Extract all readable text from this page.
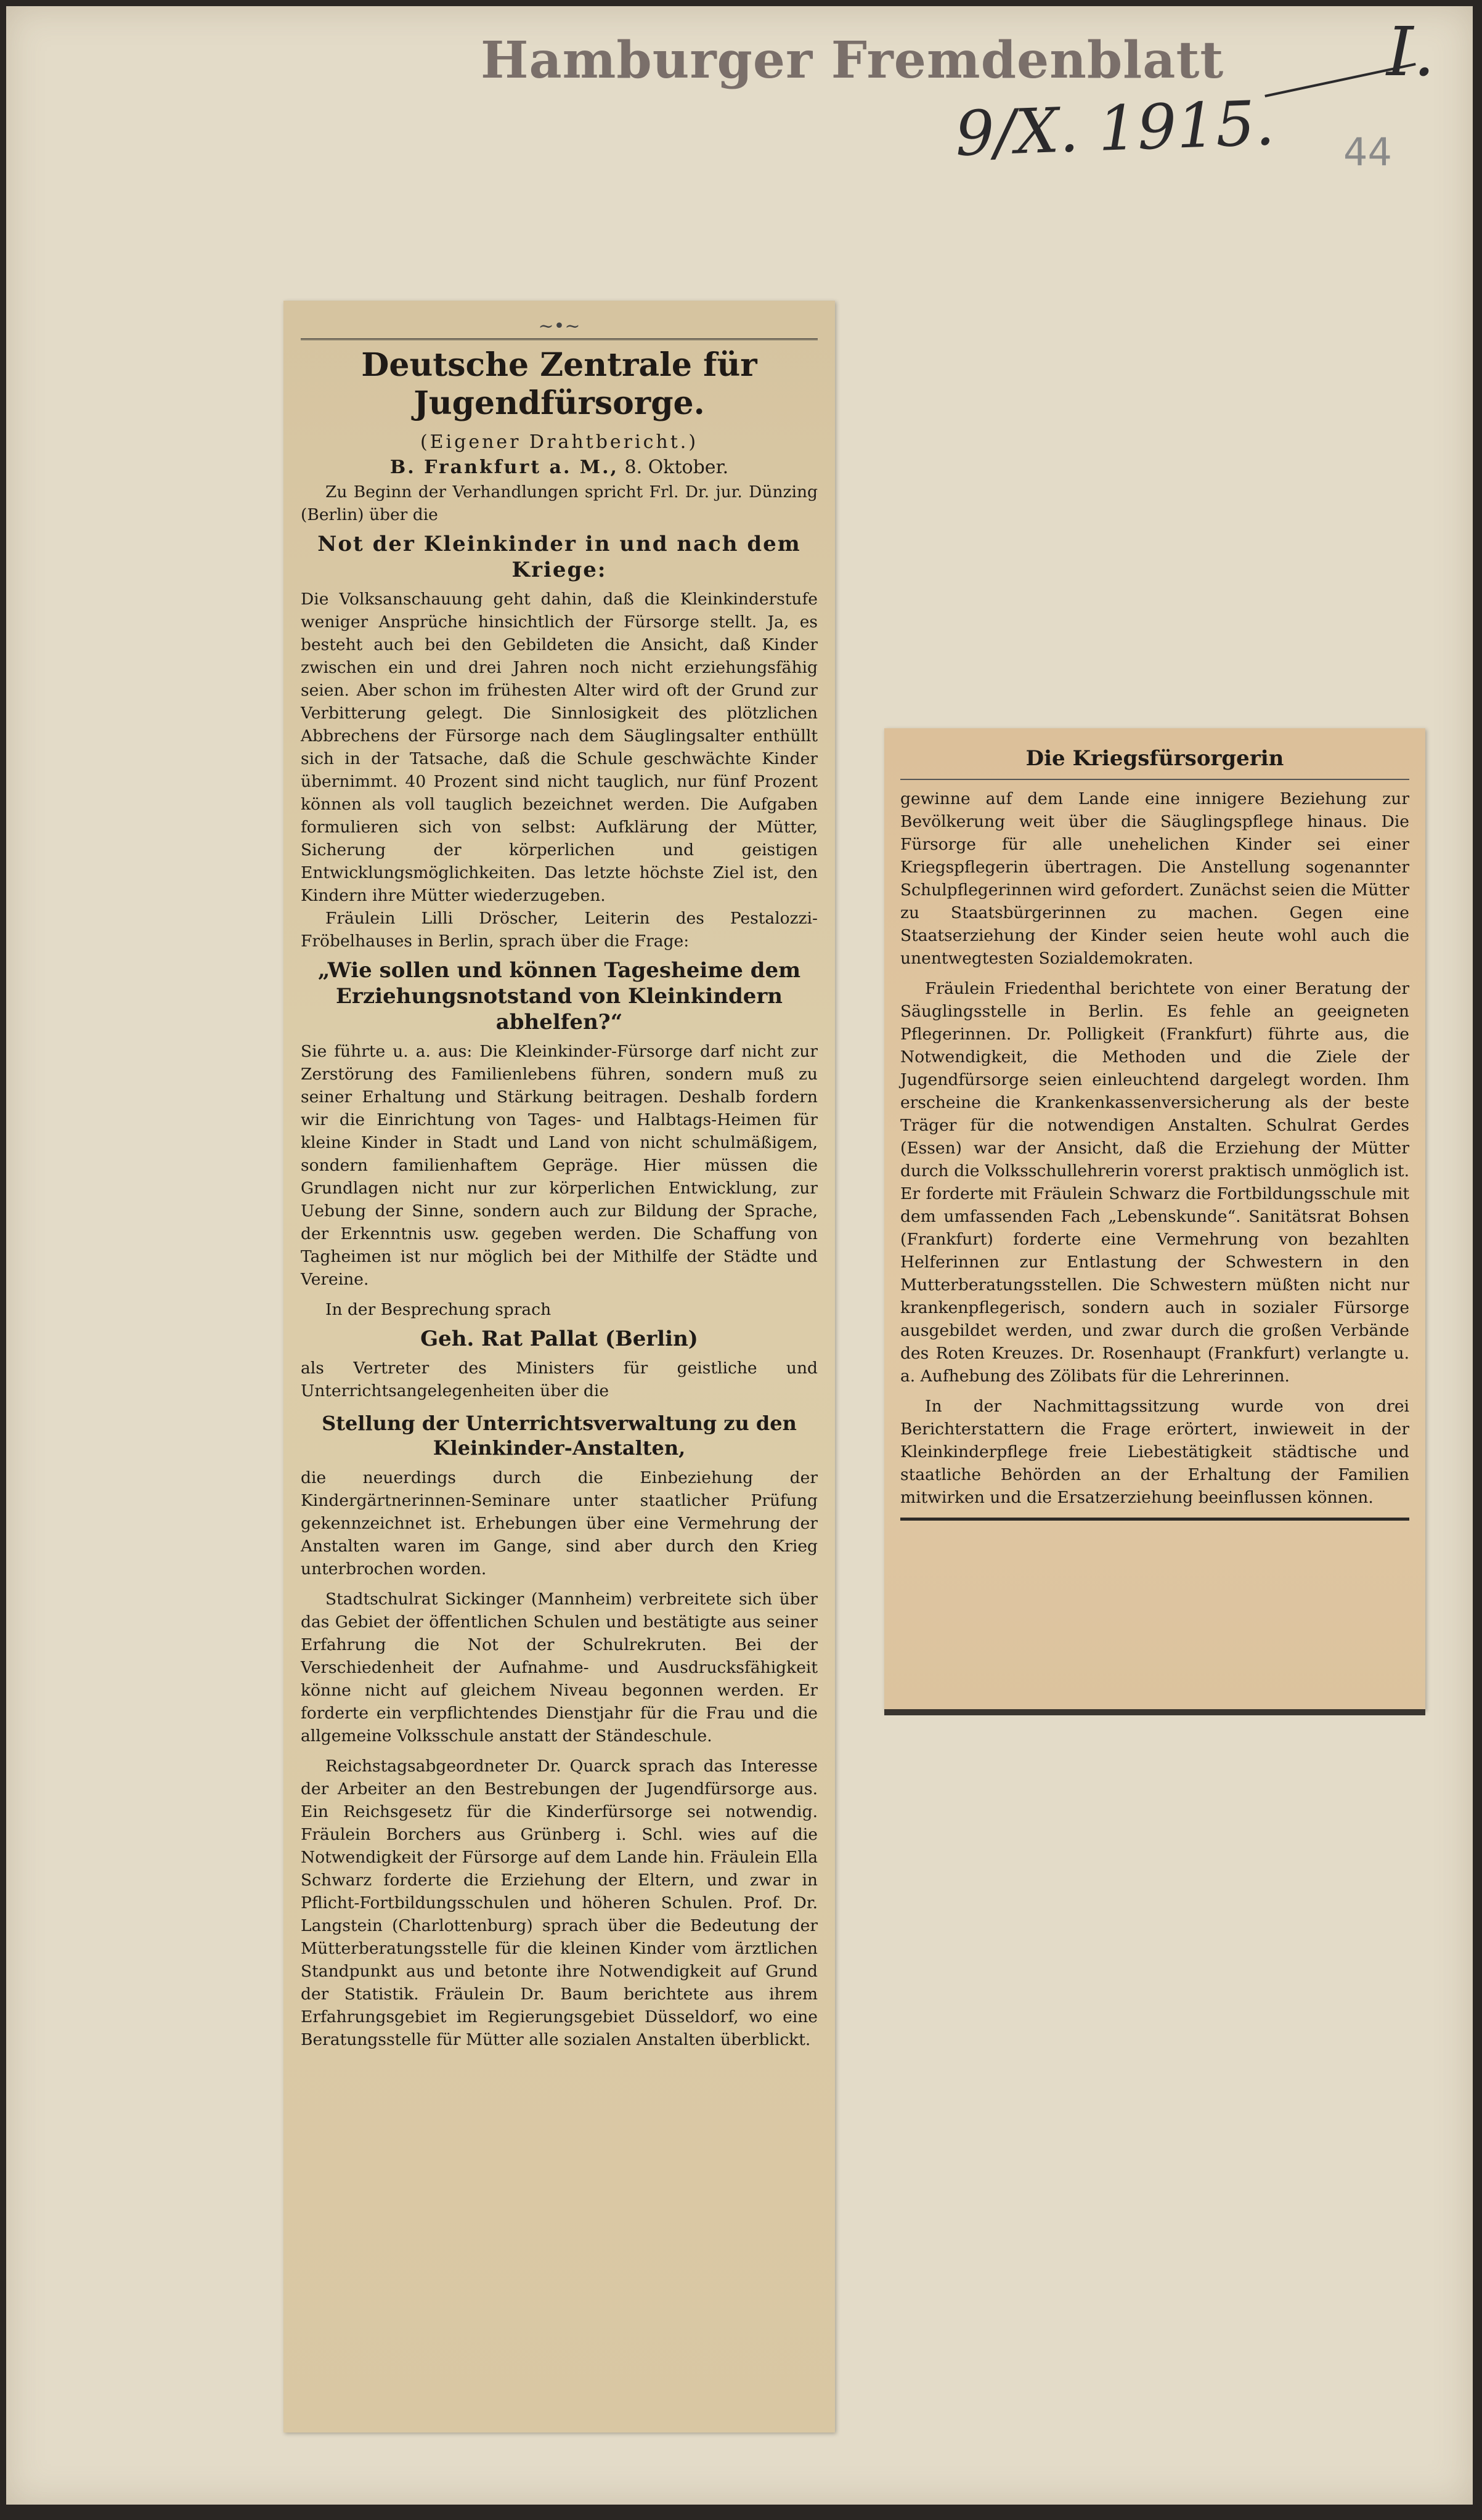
Hamburger Fremdenblatt
9/X. 1915.
I.
44
~•~
Deutsche Zentrale für Jugendfürsorge.
(Eigener Drahtbericht.)
B. Frankfurt a. M., 8. Oktober.

Zu Beginn der Verhandlungen spricht Frl. Dr. jur. Dünzing (Berlin) über die

Not der Kleinkinder in und nach dem Kriege:

Die Volksanschauung geht dahin, daß die Kleinkinderstufe weniger Ansprüche hinsichtlich der Fürsorge stellt. Ja, es besteht auch bei den Gebildeten die Ansicht, daß Kinder zwischen ein und drei Jahren noch nicht erziehungsfähig seien. Aber schon im frühesten Alter wird oft der Grund zur Verbitterung gelegt. Die Sinnlosigkeit des plötzlichen Abbrechens der Fürsorge nach dem Säuglingsalter enthüllt sich in der Tatsache, daß die Schule geschwächte Kinder übernimmt. 40 Prozent sind nicht tauglich, nur fünf Prozent können als voll tauglich bezeichnet werden. Die Aufgaben formulieren sich von selbst: Aufklärung der Mütter, Sicherung der körperlichen und geistigen Entwicklungsmöglichkeiten. Das letzte höchste Ziel ist, den Kindern ihre Mütter wiederzugeben.

Fräulein Lilli Dröscher, Leiterin des Pestalozzi-Fröbelhauses in Berlin, sprach über die Frage:

„Wie sollen und können Tagesheime dem Erziehungsnotstand von Kleinkindern abhelfen?“

Sie führte u. a. aus: Die Kleinkinder-Fürsorge darf nicht zur Zerstörung des Familienlebens führen, sondern muß zu seiner Erhaltung und Stärkung beitragen. Deshalb fordern wir die Einrichtung von Tages- und Halbtags-Heimen für kleine Kinder in Stadt und Land von nicht schulmäßigem, sondern familienhaftem Gepräge. Hier müssen die Grundlagen nicht nur zur körperlichen Entwicklung, zur Uebung der Sinne, sondern auch zur Bildung der Sprache, der Erkenntnis usw. gegeben werden. Die Schaffung von Tagheimen ist nur möglich bei der Mithilfe der Städte und Vereine.

In der Besprechung sprach

Geh. Rat Pallat (Berlin)

als Vertreter des Ministers für geistliche und Unterrichtsangelegenheiten über die

Stellung der Unterrichtsverwaltung zu den Kleinkinder-Anstalten,

die neuerdings durch die Einbeziehung der Kindergärtnerinnen-Seminare unter staatlicher Prüfung gekennzeichnet ist. Erhebungen über eine Vermehrung der Anstalten waren im Gange, sind aber durch den Krieg unterbrochen worden.

Stadtschulrat Sickinger (Mannheim) verbreitete sich über das Gebiet der öffentlichen Schulen und bestätigte aus seiner Erfahrung die Not der Schulrekruten. Bei der Verschiedenheit der Aufnahme- und Ausdrucksfähigkeit könne nicht auf gleichem Niveau begonnen werden. Er forderte ein verpflichtendes Dienstjahr für die Frau und die allgemeine Volksschule anstatt der Ständeschule.

Reichstagsabgeordneter Dr. Quarck sprach das Interesse der Arbeiter an den Bestrebungen der Jugendfürsorge aus. Ein Reichsgesetz für die Kinderfürsorge sei notwendig. Fräulein Borchers aus Grünberg i. Schl. wies auf die Notwendigkeit der Fürsorge auf dem Lande hin. Fräulein Ella Schwarz forderte die Erziehung der Eltern, und zwar in Pflicht-Fortbildungsschulen und höheren Schulen. Prof. Dr. Langstein (Charlottenburg) sprach über die Bedeutung der Mütterberatungsstelle für die kleinen Kinder vom ärztlichen Standpunkt aus und betonte ihre Notwendigkeit auf Grund der Statistik. Fräulein Dr. Baum berichtete aus ihrem Erfahrungsgebiet im Regierungsgebiet Düsseldorf, wo eine Beratungsstelle für Mütter alle sozialen Anstalten überblickt.

Die Kriegsfürsorgerin

gewinne auf dem Lande eine innigere Beziehung zur Bevölkerung weit über die Säuglingspflege hinaus. Die Fürsorge für alle unehelichen Kinder sei einer Kriegspflegerin übertragen. Die Anstellung sogenannter Schulpflegerinnen wird gefordert. Zunächst seien die Mütter zu Staatsbürgerinnen zu machen. Gegen eine Staatserziehung der Kinder seien heute wohl auch die unentwegtesten Sozialdemokraten.

Fräulein Friedenthal berichtete von einer Beratung der Säuglingsstelle in Berlin. Es fehle an geeigneten Pflegerinnen. Dr. Polligkeit (Frankfurt) führte aus, die Notwendigkeit, die Methoden und die Ziele der Jugendfürsorge seien einleuchtend dargelegt worden. Ihm erscheine die Krankenkassenversicherung als der beste Träger für die notwendigen Anstalten. Schulrat Gerdes (Essen) war der Ansicht, daß die Erziehung der Mütter durch die Volksschullehrerin vorerst praktisch unmöglich ist. Er forderte mit Fräulein Schwarz die Fortbildungsschule mit dem umfassenden Fach „Lebenskunde“. Sanitätsrat Bohsen (Frankfurt) forderte eine Vermehrung von bezahlten Helferinnen zur Entlastung der Schwestern in den Mutterberatungsstellen. Die Schwestern müßten nicht nur krankenpflegerisch, sondern auch in sozialer Fürsorge ausgebildet werden, und zwar durch die großen Verbände des Roten Kreuzes. Dr. Rosenhaupt (Frankfurt) verlangte u. a. Aufhebung des Zölibats für die Lehrerinnen.

In der Nachmittagssitzung wurde von drei Berichterstattern die Frage erörtert, inwieweit in der Kleinkinderpflege freie Liebestätigkeit städtische und staatliche Behörden an der Erhaltung der Familien mitwirken und die Ersatzerziehung beeinflussen können.
